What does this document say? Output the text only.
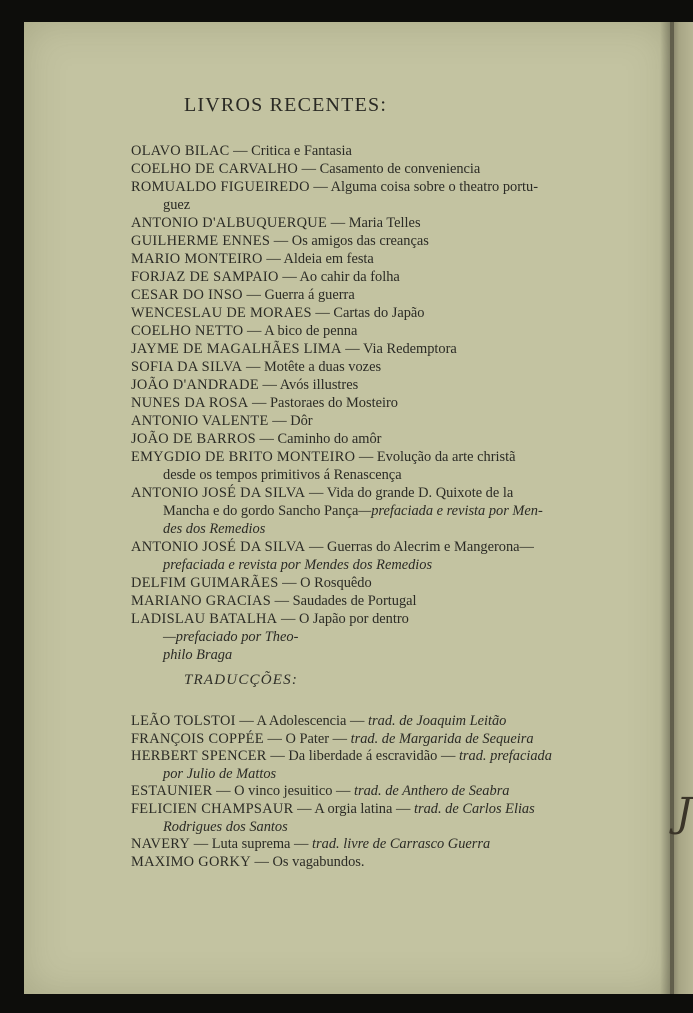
LIVROS RECENTES:
OLAVO BILAC — Critica e Fantasia
COELHO DE CARVALHO — Casamento de conveniencia
ROMUALDO FIGUEIREDO — Alguma coisa sobre o theatro portu-
guez
ANTONIO D'ALBUQUERQUE — Maria Telles
GUILHERME ENNES — Os amigos das creanças
MARIO MONTEIRO — Aldeia em festa
FORJAZ DE SAMPAIO — Ao cahir da folha
CESAR DO INSO — Guerra á guerra
WENCESLAU DE MORAES — Cartas do Japão
COELHO NETTO — A bico de penna
JAYME DE MAGALHÃES LIMA — Via Redemptora
SOFIA DA SILVA — Motête a duas vozes
JOÃO D'ANDRADE — Avós illustres
NUNES DA ROSA — Pastoraes do Mosteiro
ANTONIO VALENTE — Dôr
JOÃO DE BARROS — Caminho do amôr
EMYGDIO DE BRITO MONTEIRO — Evolução da arte christã
desde os tempos primitivos á Renascença
ANTONIO JOSÉ DA SILVA — Vida do grande D. Quixote de la
Mancha e do gordo Sancho Pança—prefaciada e revista por Men-
des dos Remedios
ANTONIO JOSÉ DA SILVA — Guerras do Alecrim e Mangerona—
prefaciada e revista por Mendes dos Remedios
DELFIM GUIMARÃES — O Rosquêdo
MARIANO GRACIAS — Saudades de Portugal
LADISLAU BATALHA — O Japão por dentro
—prefaciado por Theo-
philo Braga
TRADUCÇÕES:
LEÃO TOLSTOI — A Adolescencia — trad. de Joaquim Leitão
FRANÇOIS COPPÉE — O Pater — trad. de Margarida de Sequeira
HERBERT SPENCER — Da liberdade á escravidão — trad. prefaciada
por Julio de Mattos
ESTAUNIER — O vinco jesuitico — trad. de Anthero de Seabra
FELICIEN CHAMPSAUR — A orgia latina — trad. de Carlos Elias
Rodrigues dos Santos
NAVERY — Luta suprema — trad. livre de Carrasco Guerra
MAXIMO GORKY — Os vagabundos.
J
